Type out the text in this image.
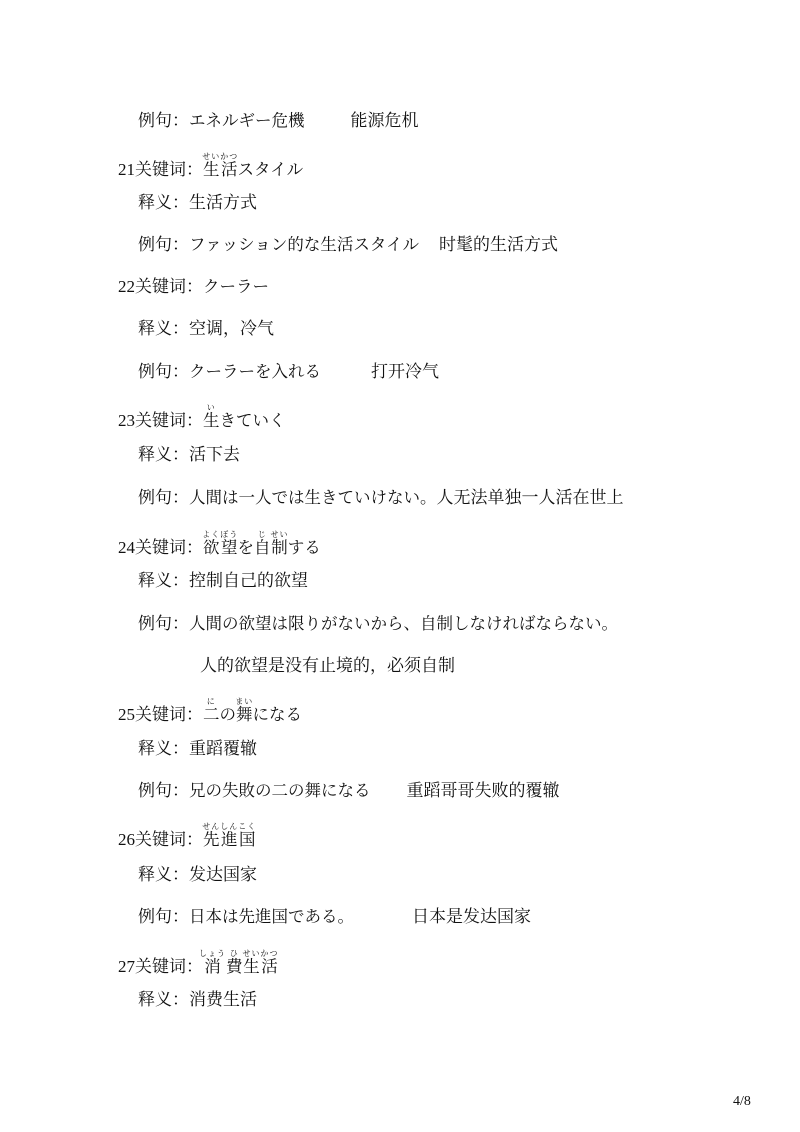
例句：エネルギー危機	能源危机
21关键词：生せい活かつスタイル
释义：生活方式
例句：ファッション的な生活スタイル 时髦的生活方式
22关键词：クーラー
释义：空调，冷气
例句：クーラーを入れる	打开冷气
23关键词：生いきていく
释义：活下去
例句：人間は一人では生きていけない。人无法单独一人活在世上
24关键词：欲よく望ぼうを自じ制せいする
释义：控制自己的欲望
例句：人間の欲望は限りがないから、自制しなければならない。
人的欲望是没有止境的，必须自制
25关键词：二にの舞まいになる
释义：重蹈覆辙
例句：兄の失敗の二の舞になる 重蹈哥哥失败的覆辙
26关键词：先せん進しん国こく
释义：发达国家
例句：日本は先進国である。	日本是发达国家
27关键词：消しょう費ひ生せい活かつ
释义：消费生活
4/8
